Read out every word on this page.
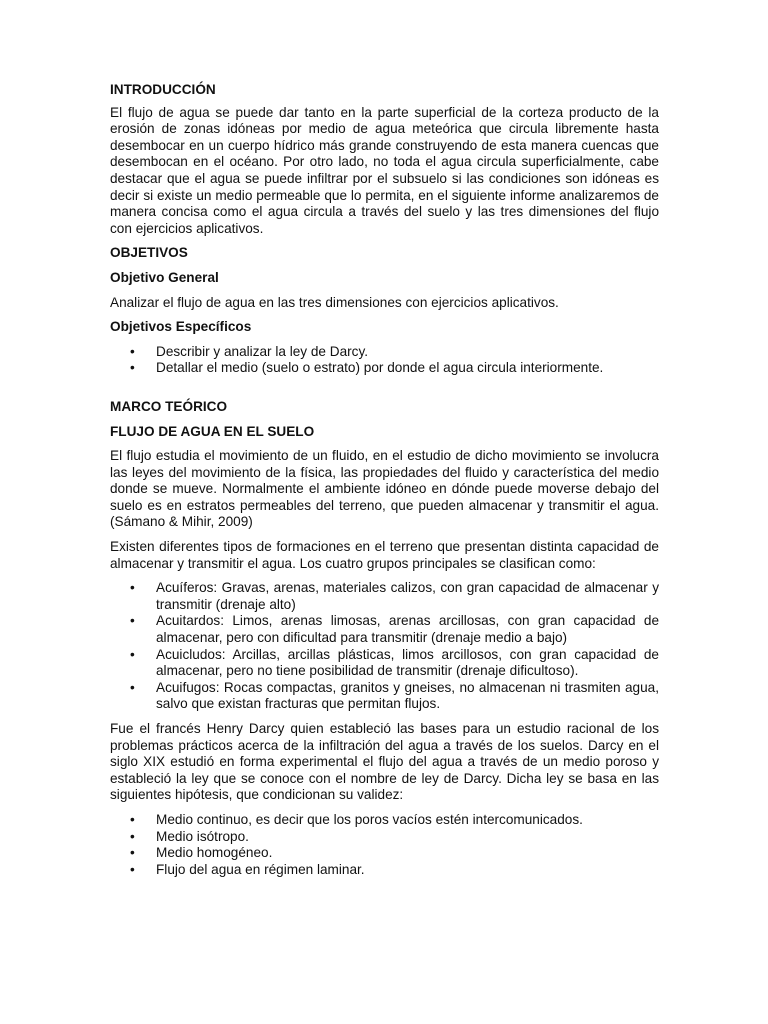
INTRODUCCIÓN

El flujo de agua se puede dar tanto en la parte superficial de la corteza producto de la erosión de zonas idóneas por medio de agua meteórica que circula libremente hasta desembocar en un cuerpo hídrico más grande construyendo de esta manera cuencas que desembocan en el océano. Por otro lado, no toda el agua circula superficialmente, cabe destacar que el agua se puede infiltrar por el subsuelo si las condiciones son idóneas es decir si existe un medio permeable que lo permita, en el siguiente informe analizaremos de manera concisa como el agua circula a través del suelo y las tres dimensiones del flujo con ejercicios aplicativos.

OBJETIVOS

Objetivo General

Analizar el flujo de agua en las tres dimensiones con ejercicios aplicativos.

Objetivos Específicos

• Describir y analizar la ley de Darcy.
• Detallar el medio (suelo o estrato) por donde el agua circula interiormente.

MARCO TEÓRICO

FLUJO DE AGUA EN EL SUELO

El flujo estudia el movimiento de un fluido, en el estudio de dicho movimiento se involucra las leyes del movimiento de la física, las propiedades del fluido y característica del medio donde se mueve. Normalmente el ambiente idóneo en dónde puede moverse debajo del suelo es en estratos permeables del terreno, que pueden almacenar y transmitir el agua. (Sámano & Mihir, 2009)

Existen diferentes tipos de formaciones en el terreno que presentan distinta capacidad de almacenar y transmitir el agua. Los cuatro grupos principales se clasifican como:

• Acuíferos: Gravas, arenas, materiales calizos, con gran capacidad de almacenar y transmitir (drenaje alto)
• Acuitardos: Limos, arenas limosas, arenas arcillosas, con gran capacidad de almacenar, pero con dificultad para transmitir (drenaje medio a bajo)
• Acuicludos: Arcillas, arcillas plásticas, limos arcillosos, con gran capacidad de almacenar, pero no tiene posibilidad de transmitir (drenaje dificultoso).
• Acuifugos: Rocas compactas, granitos y gneises, no almacenan ni trasmiten agua, salvo que existan fracturas que permitan flujos.

Fue el francés Henry Darcy quien estableció las bases para un estudio racional de los problemas prácticos acerca de la infiltración del agua a través de los suelos. Darcy en el siglo XIX estudió en forma experimental el flujo del agua a través de un medio poroso y estableció la ley que se conoce con el nombre de ley de Darcy. Dicha ley se basa en las siguientes hipótesis, que condicionan su validez:

• Medio continuo, es decir que los poros vacíos estén intercomunicados.
• Medio isótropo.
• Medio homogéneo.
• Flujo del agua en régimen laminar.
